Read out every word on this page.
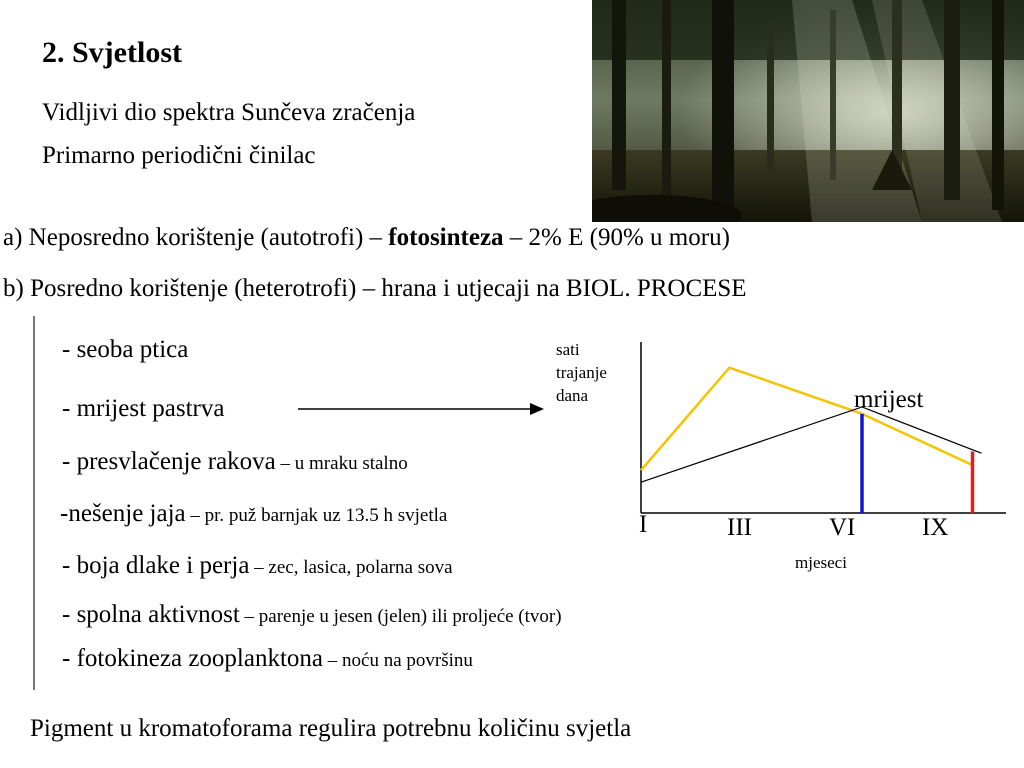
2. Svjetlost
Vidljivi dio spektra Sunčeva zračenja
Primarno periodični činilac
a) Neposredno korištenje (autotrofi) – fotosinteza – 2% E (90% u moru)
b) Posredno korištenje (heterotrofi) – hrana i utjecaji na BIOL. PROCESE
- seoba ptica
- mrijest pastrva
- presvlačenje rakova – u mraku stalno
-nešenje jaja – pr. puž barnjak uz 13.5 h svjetla
- boja dlake i perja – zec, lasica, polarna sova
- spolna aktivnost – parenje u jesen (jelen) ili proljeće (tvor)
- fotokineza zooplanktona – noću na površinu
sati
trajanje
dana	mrijest
I	III	VI	IX
mjeseci
Pigment u kromatoforama regulira potrebnu količinu svjetla
